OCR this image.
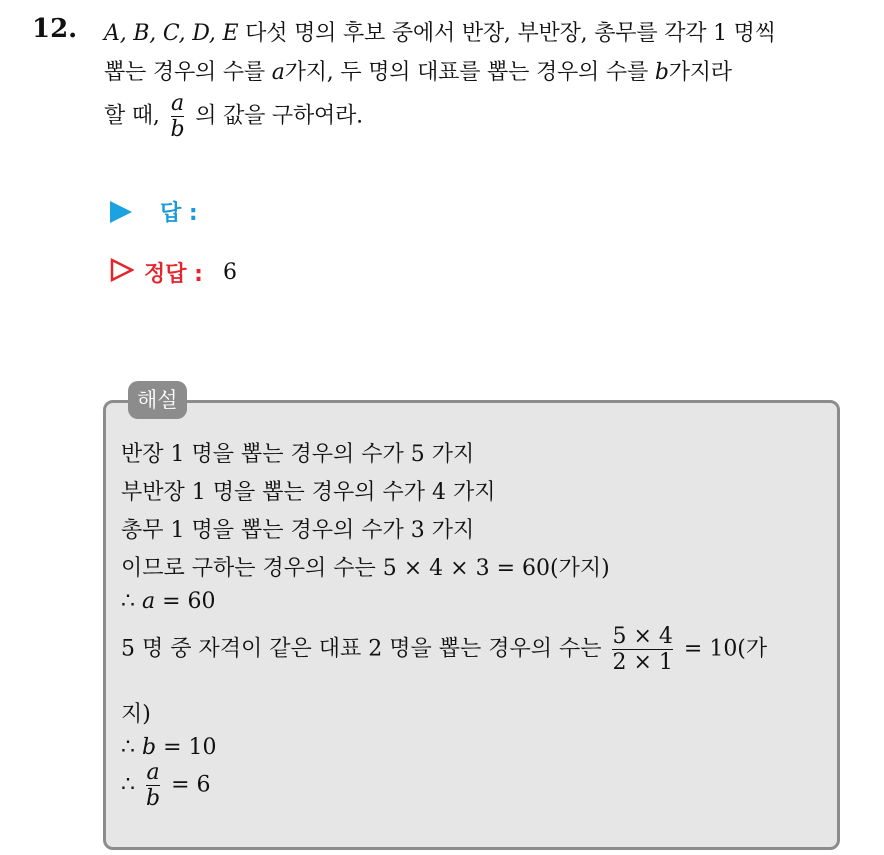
12. A, B, C, D, E 다섯 명의 후보 중에서 반장, 부반장, 총무를 각각 1 명씩
뽑는 경우의 수를 a가지, 두 명의 대표를 뽑는 경우의 수를 b가지라
할 때, $\frac{a}{b}$ 의 값을 구하여라.
답 :
정답 : 6
해설
반장 1 명을 뽑는 경우의 수가 5 가지
부반장 1 명을 뽑는 경우의 수가 4 가지
총무 1 명을 뽑는 경우의 수가 3 가지
이므로 구하는 경우의 수는 5 × 4 × 3 = 60(가지)
∴ a = 60
5 명 중 자격이 같은 대표 2 명을 뽑는 경우의 수는 $\frac{5 \times 4}{2 \times 1} = 10$(가
지)
∴ b = 10
∴ $\frac{a}{b} = 6$
